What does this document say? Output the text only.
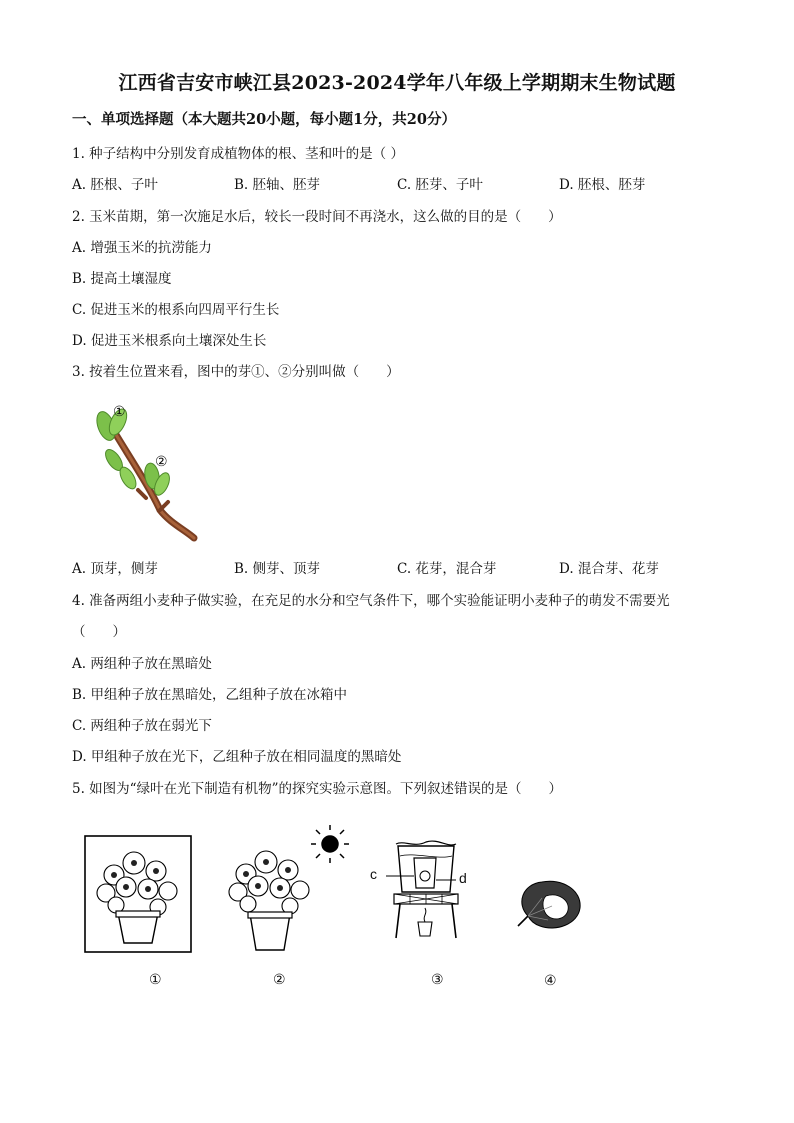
江西省吉安市峡江县2023-2024学年八年级上学期期末生物试题
一、单项选择题（本大题共20小题，每小题1分，共20分）
1. 种子结构中分别发育成植物体的根、茎和叶的是（ ）
A. 胚根、子叶	B. 胚轴、胚芽	C. 胚芽、子叶	D. 胚根、胚芽
2. 玉米苗期，第一次施足水后，较长一段时间不再浇水，这么做的目的是（　　）
A. 增强玉米的抗涝能力
B. 提高土壤湿度
C. 促进玉米的根系向四周平行生长
D. 促进玉米根系向土壤深处生长
3. 按着生位置来看，图中的芽①、②分别叫做（　　）
①
②
A. 顶芽，侧芽	B. 侧芽、顶芽	C. 花芽，混合芽	D. 混合芽、花芽
4. 准备两组小麦种子做实验，在充足的水分和空气条件下，哪个实验能证明小麦种子的萌发不需要光
（　　）
A. 两组种子放在黑暗处
B. 甲组种子放在黑暗处，乙组种子放在冰箱中
C. 两组种子放在弱光下
D. 甲组种子放在光下，乙组种子放在相同温度的黑暗处
5. 如图为“绿叶在光下制造有机物”的探究实验示意图。下列叙述错误的是（　　）
c	d
①	②	③	④
